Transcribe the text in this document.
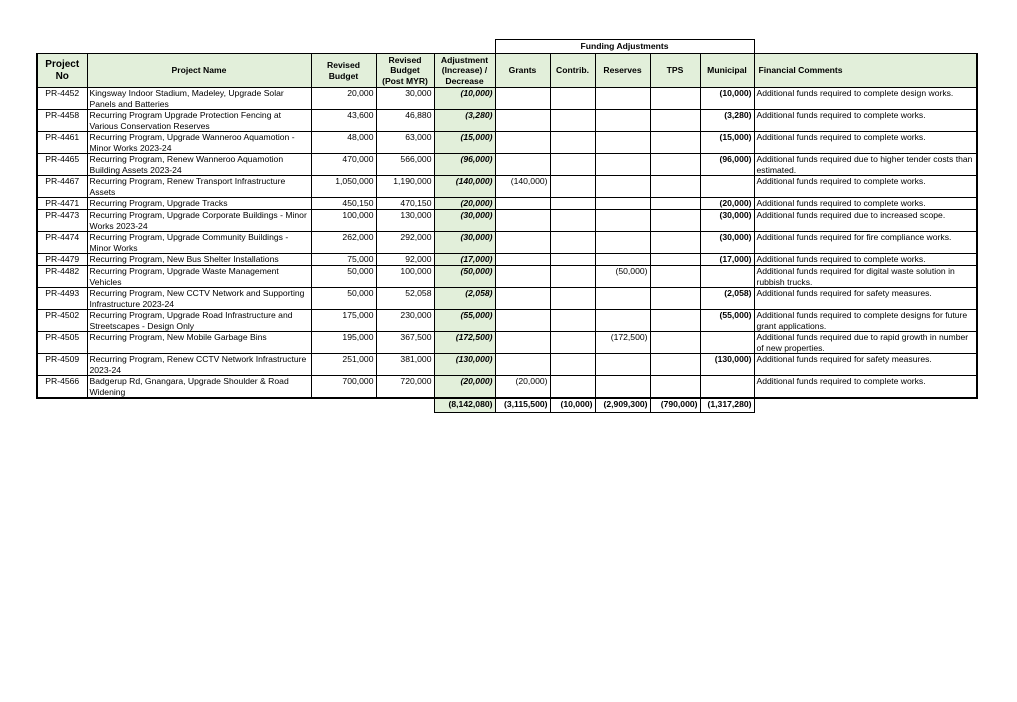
					Funding Adjustments					
Project No	Project Name	Revised Budget	Revised Budget (Post MYR)	Adjustment (Increase) / Decrease	Grants	Contrib.	Reserves	TPS	Municipal	Financial Comments
PR-4452	Kingsway Indoor Stadium, Madeley, Upgrade Solar Panels and Batteries	20,000	30,000	(10,000)					(10,000)	Additional funds required to complete design works.
PR-4458	Recurring Program Upgrade Protection Fencing at Various Conservation Reserves	43,600	46,880	(3,280)					(3,280)	Additional funds required to complete works.
PR-4461	Recurring Program, Upgrade Wanneroo Aquamotion - Minor Works 2023-24	48,000	63,000	(15,000)					(15,000)	Additional funds required to complete works.
PR-4465	Recurring Program, Renew Wanneroo Aquamotion Building Assets 2023-24	470,000	566,000	(96,000)					(96,000)	Additional funds required due to higher tender costs than estimated.
PR-4467	Recurring Program, Renew Transport Infrastructure Assets	1,050,000	1,190,000	(140,000)	(140,000)					Additional funds required to complete works.
PR-4471	Recurring Program, Upgrade Tracks	450,150	470,150	(20,000)					(20,000)	Additional funds required to complete works.
PR-4473	Recurring Program, Upgrade Corporate Buildings - Minor Works 2023-24	100,000	130,000	(30,000)					(30,000)	Additional funds required due to increased scope.
PR-4474	Recurring Program, Upgrade Community Buildings - Minor Works	262,000	292,000	(30,000)					(30,000)	Additional funds required for fire compliance works.
PR-4479	Recurring Program, New Bus Shelter Installations	75,000	92,000	(17,000)					(17,000)	Additional funds required to complete works.
PR-4482	Recurring Program, Upgrade Waste Management Vehicles	50,000	100,000	(50,000)			(50,000)			Additional funds required for digital waste solution in rubbish trucks.
PR-4493	Recurring Program, New CCTV Network and Supporting Infrastructure 2023-24	50,000	52,058	(2,058)					(2,058)	Additional funds required for safety measures.
PR-4502	Recurring Program, Upgrade Road Infrastructure and Streetscapes - Design Only	175,000	230,000	(55,000)					(55,000)	Additional funds required to complete designs for future grant applications.
PR-4505	Recurring Program, New Mobile Garbage Bins	195,000	367,500	(172,500)			(172,500)			Additional funds required due to rapid growth in number of new properties.
PR-4509	Recurring Program, Renew CCTV Network Infrastructure 2023-24	251,000	381,000	(130,000)					(130,000)	Additional funds required for safety measures.
PR-4566	Badgerup Rd, Gnangara, Upgrade Shoulder & Road Widening	700,000	720,000	(20,000)	(20,000)					Additional funds required to complete works.
				(8,142,080)	(3,115,500)	(10,000)	(2,909,300)	(790,000)	(1,317,280)	
